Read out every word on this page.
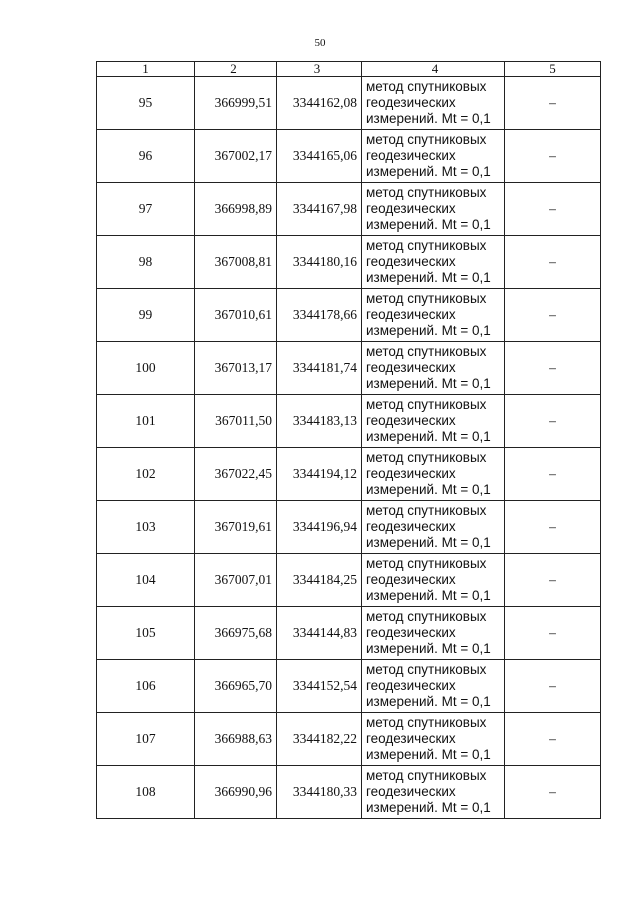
50
1	2	3	4	5
95	366999,51	3344162,08	метод спутниковых
геодезических
измерений. Mt = 0,1	–
96	367002,17	3344165,06	метод спутниковых
геодезических
измерений. Mt = 0,1	–
97	366998,89	3344167,98	метод спутниковых
геодезических
измерений. Mt = 0,1	–
98	367008,81	3344180,16	метод спутниковых
геодезических
измерений. Mt = 0,1	–
99	367010,61	3344178,66	метод спутниковых
геодезических
измерений. Mt = 0,1	–
100	367013,17	3344181,74	метод спутниковых
геодезических
измерений. Mt = 0,1	–
101	367011,50	3344183,13	метод спутниковых
геодезических
измерений. Mt = 0,1	–
102	367022,45	3344194,12	метод спутниковых
геодезических
измерений. Mt = 0,1	–
103	367019,61	3344196,94	метод спутниковых
геодезических
измерений. Mt = 0,1	–
104	367007,01	3344184,25	метод спутниковых
геодезических
измерений. Mt = 0,1	–
105	366975,68	3344144,83	метод спутниковых
геодезических
измерений. Mt = 0,1	–
106	366965,70	3344152,54	метод спутниковых
геодезических
измерений. Mt = 0,1	–
107	366988,63	3344182,22	метод спутниковых
геодезических
измерений. Mt = 0,1	–
108	366990,96	3344180,33	метод спутниковых
геодезических
измерений. Mt = 0,1	–
